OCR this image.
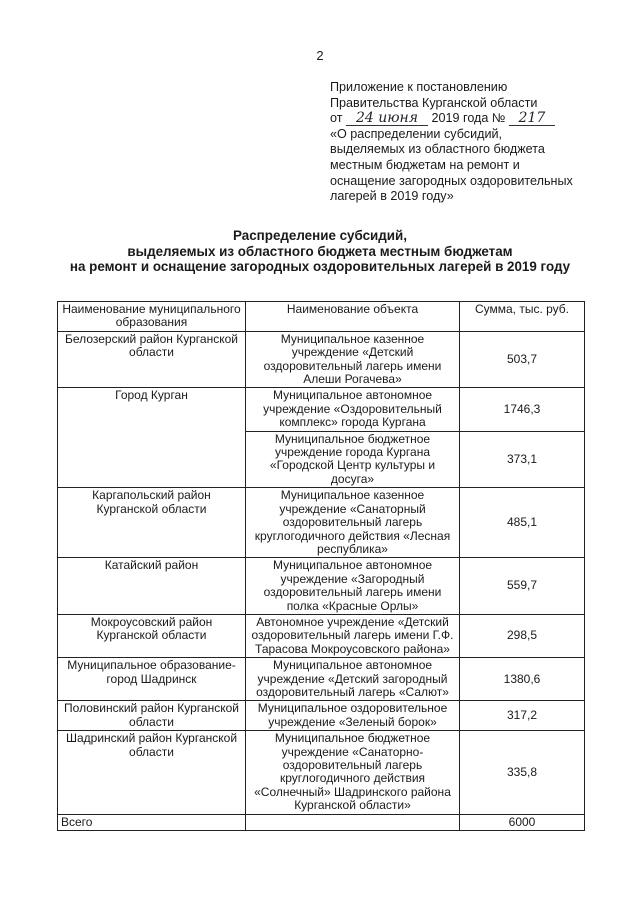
2
Приложение к постановлению
Правительства Курганской области
от 24 июня 2019 года № 217
«О распределении субсидий,
выделяемых из областного бюджета
местным бюджетам на ремонт и
оснащение загородных оздоровительных
лагерей в 2019 году»
Распределение субсидий,
выделяемых из областного бюджета местным бюджетам
на ремонт и оснащение загородных оздоровительных лагерей в 2019 году
Наименование муниципального образования	Наименование объекта	Сумма, тыс. руб.
Белозерский район Курганской области	Муниципальное казенное учреждение «Детский оздоровительный лагерь имени Алеши Рогачева»	503,7
Город Курган	Муниципальное автономное учреждение «Оздоровительный комплекс» города Кургана	1746,3
	Муниципальное бюджетное учреждение города Кургана «Городской Центр культуры и досуга»	373,1
Каргапольский район Курганской области	Муниципальное казенное учреждение «Санаторный оздоровительный лагерь круглогодичного действия «Лесная республика»	485,1
Катайский район	Муниципальное автономное учреждение «Загородный оздоровительный лагерь имени полка «Красные Орлы»	559,7
Мокроусовский район Курганской области	Автономное учреждение «Детский оздоровительный лагерь имени Г.Ф. Тарасова Мокроусовского района»	298,5
Муниципальное образование-город Шадринск	Муниципальное автономное учреждение «Детский загородный оздоровительный лагерь «Салют»	1380,6
Половинский район Курганской области	Муниципальное оздоровительное учреждение «Зеленый борок»	317,2
Шадринский район Курганской области	Муниципальное бюджетное учреждение «Санаторно-оздоровительный лагерь круглогодичного действия «Солнечный» Шадринского района Курганской области»	335,8
Всего		6000
